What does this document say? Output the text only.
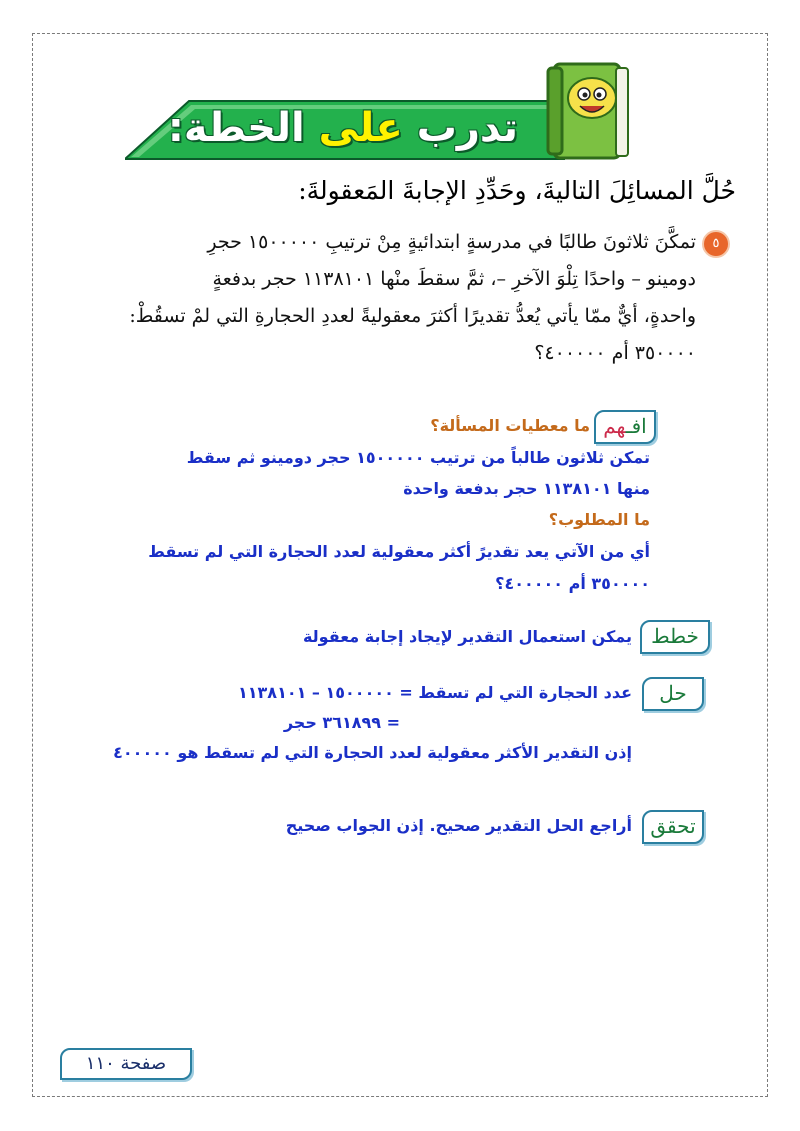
تدرب على الخطة:
حُلَّ المسائِلَ التاليةَ، وحَدِّدِ الإجابةَ المَعقولةَ:
٥
تمكَّنَ ثلاثونَ طالبًا في مدرسةٍ ابتدائيةٍ مِنْ ترتيبِ ١٥٠٠٠٠٠ حجرِ
دومينو – واحدًا تِلْوَ الآخرِ –، ثمَّ سقطَ منْها ١١٣٨١٠١ حجر بدفعةٍ
واحدةٍ، أيٌّ ممّا يأتي يُعدُّ تقديرًا أكثرَ معقوليةً لعددِ الحجارةِ التي لمْ تسقُطْ:
٣٥٠٠٠٠ أم ٤٠٠٠٠٠؟
افـهم
ما معطيات المسألة؟
تمكن ثلاثون طالباً من ترتيب ١٥٠٠٠٠٠ حجر دومينو ثم سقط
منها ١١٣٨١٠١ حجر بدفعة واحدة
ما المطلوب؟
أي من الآتي يعد تقديرً أكثر معقولية لعدد الحجارة التي لم تسقط
٣٥٠٠٠٠ أم ٤٠٠٠٠٠؟
خطط
يمكن استعمال التقدير لإيجاد إجابة معقولة
حل
عدد الحجارة التي لم تسقط = ١٥٠٠٠٠٠ – ١١٣٨١٠١
= ٣٦١٨٩٩ حجر
إذن التقدير الأكثر معقولية لعدد الحجارة التي لم تسقط هو ٤٠٠٠٠٠
تحقق
أراجع الحل التقدير صحيح. إذن الجواب صحيح
صفحة ١١٠
